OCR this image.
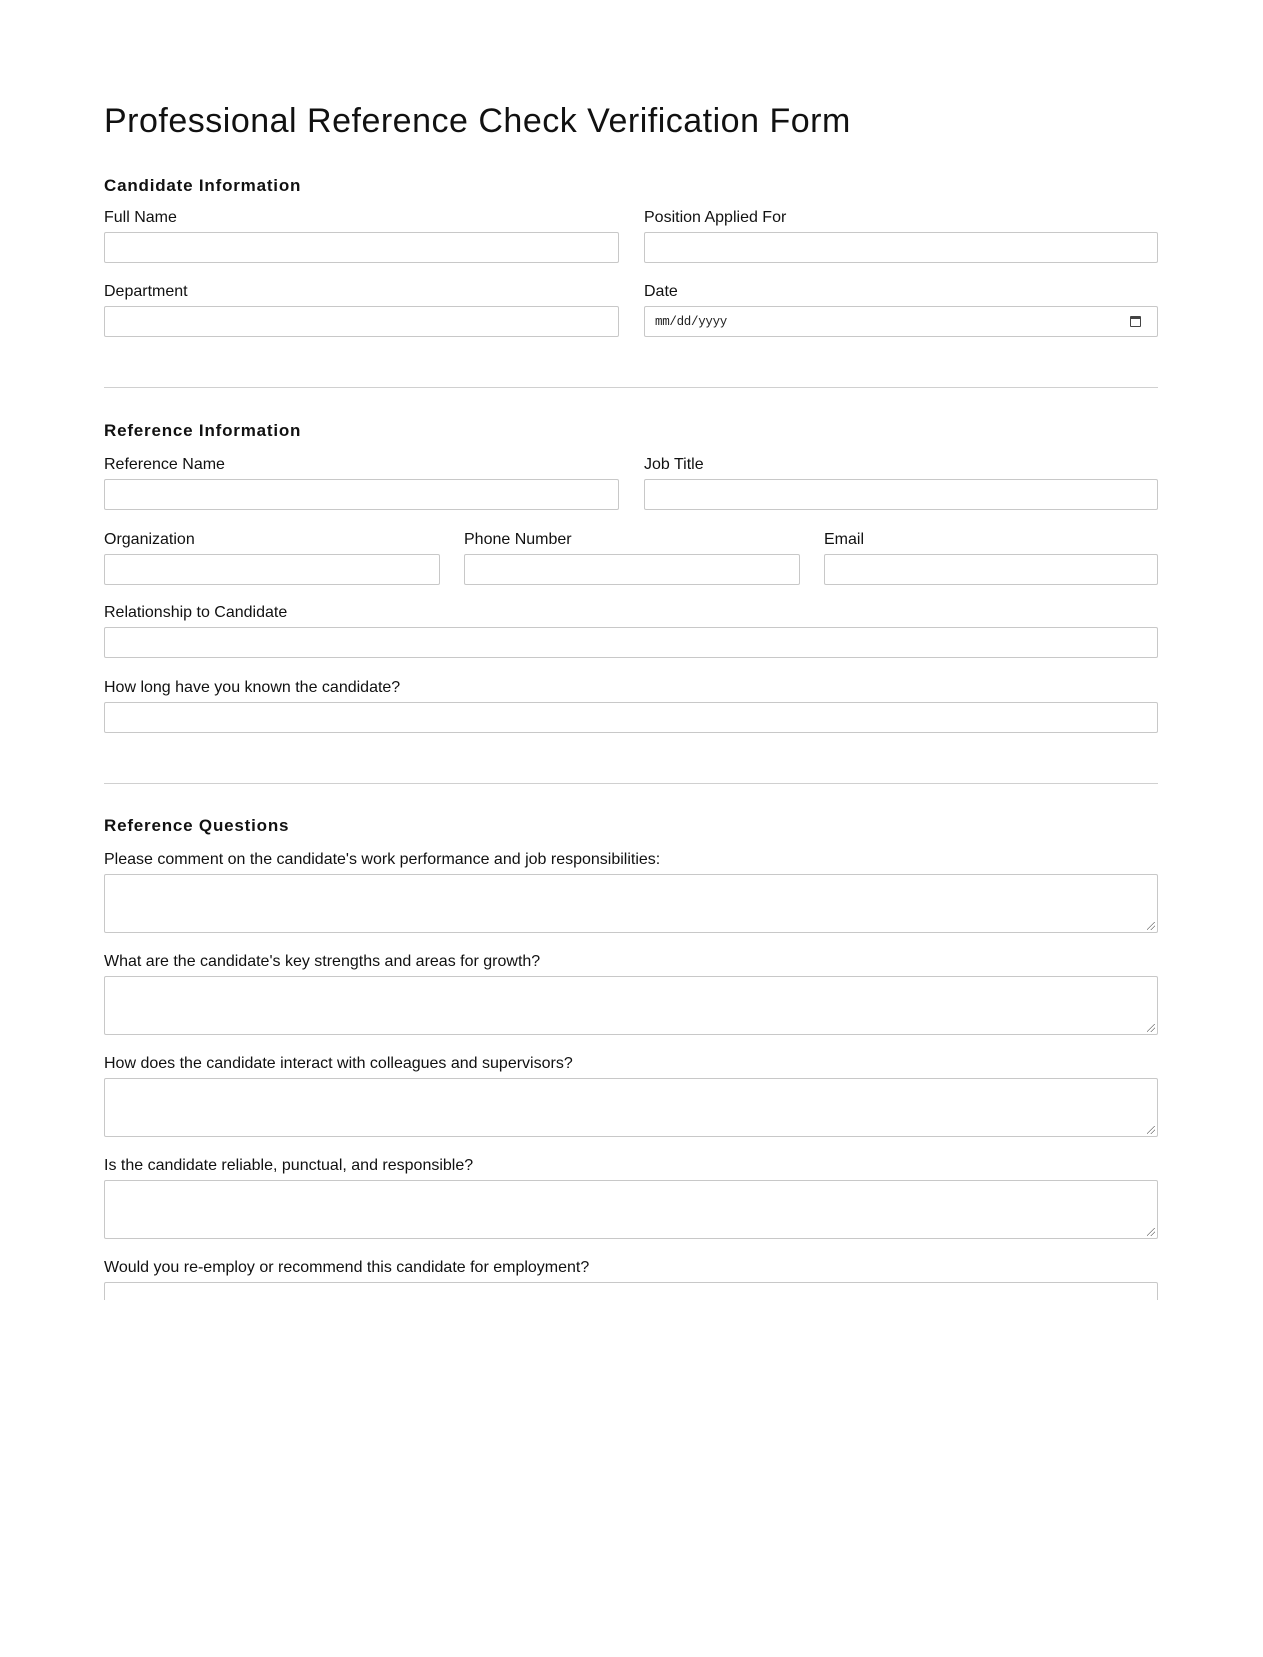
Professional Reference Check Verification Form
Candidate Information
Full Name	Position Applied For
Department	Date
mm/dd/yyyy
Reference Information
Reference Name	Job Title
Organization	Phone Number	Email
Relationship to Candidate
How long have you known the candidate?
Reference Questions
Please comment on the candidate's work performance and job responsibilities:
What are the candidate's key strengths and areas for growth?
How does the candidate interact with colleagues and supervisors?
Is the candidate reliable, punctual, and responsible?
Would you re-employ or recommend this candidate for employment?
